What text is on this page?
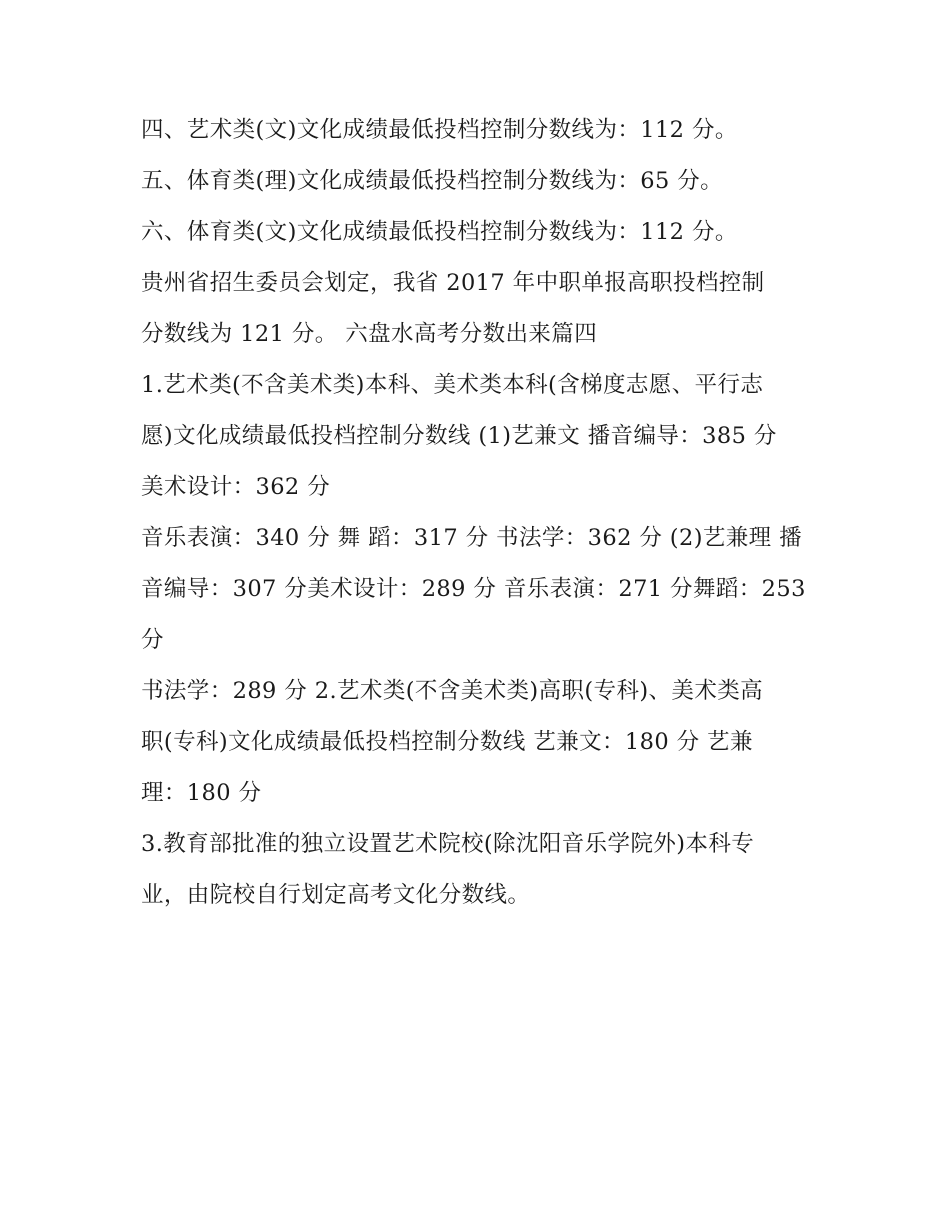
四、艺术类(文)文化成绩最低投档控制分数线为：112 分。

五、体育类(理)文化成绩最低投档控制分数线为：65 分。

六、体育类(文)文化成绩最低投档控制分数线为：112 分。

贵州省招生委员会划定，我省 2017 年中职单报高职投档控制

分数线为 121 分。 六盘水高考分数出来篇四

1.艺术类(不含美术类)本科、美术类本科(含梯度志愿、平行志

愿)文化成绩最低投档控制分数线 (1)艺兼文 播音编导：385 分

美术设计：362 分

音乐表演：340 分 舞 蹈：317 分 书法学：362 分 (2)艺兼理 播

音编导：307 分美术设计：289 分 音乐表演：271 分舞蹈：253

分

书法学：289 分 2.艺术类(不含美术类)高职(专科)、美术类高

职(专科)文化成绩最低投档控制分数线 艺兼文：180 分 艺兼

理：180 分

3.教育部批准的独立设置艺术院校(除沈阳音乐学院外)本科专

业，由院校自行划定高考文化分数线。
